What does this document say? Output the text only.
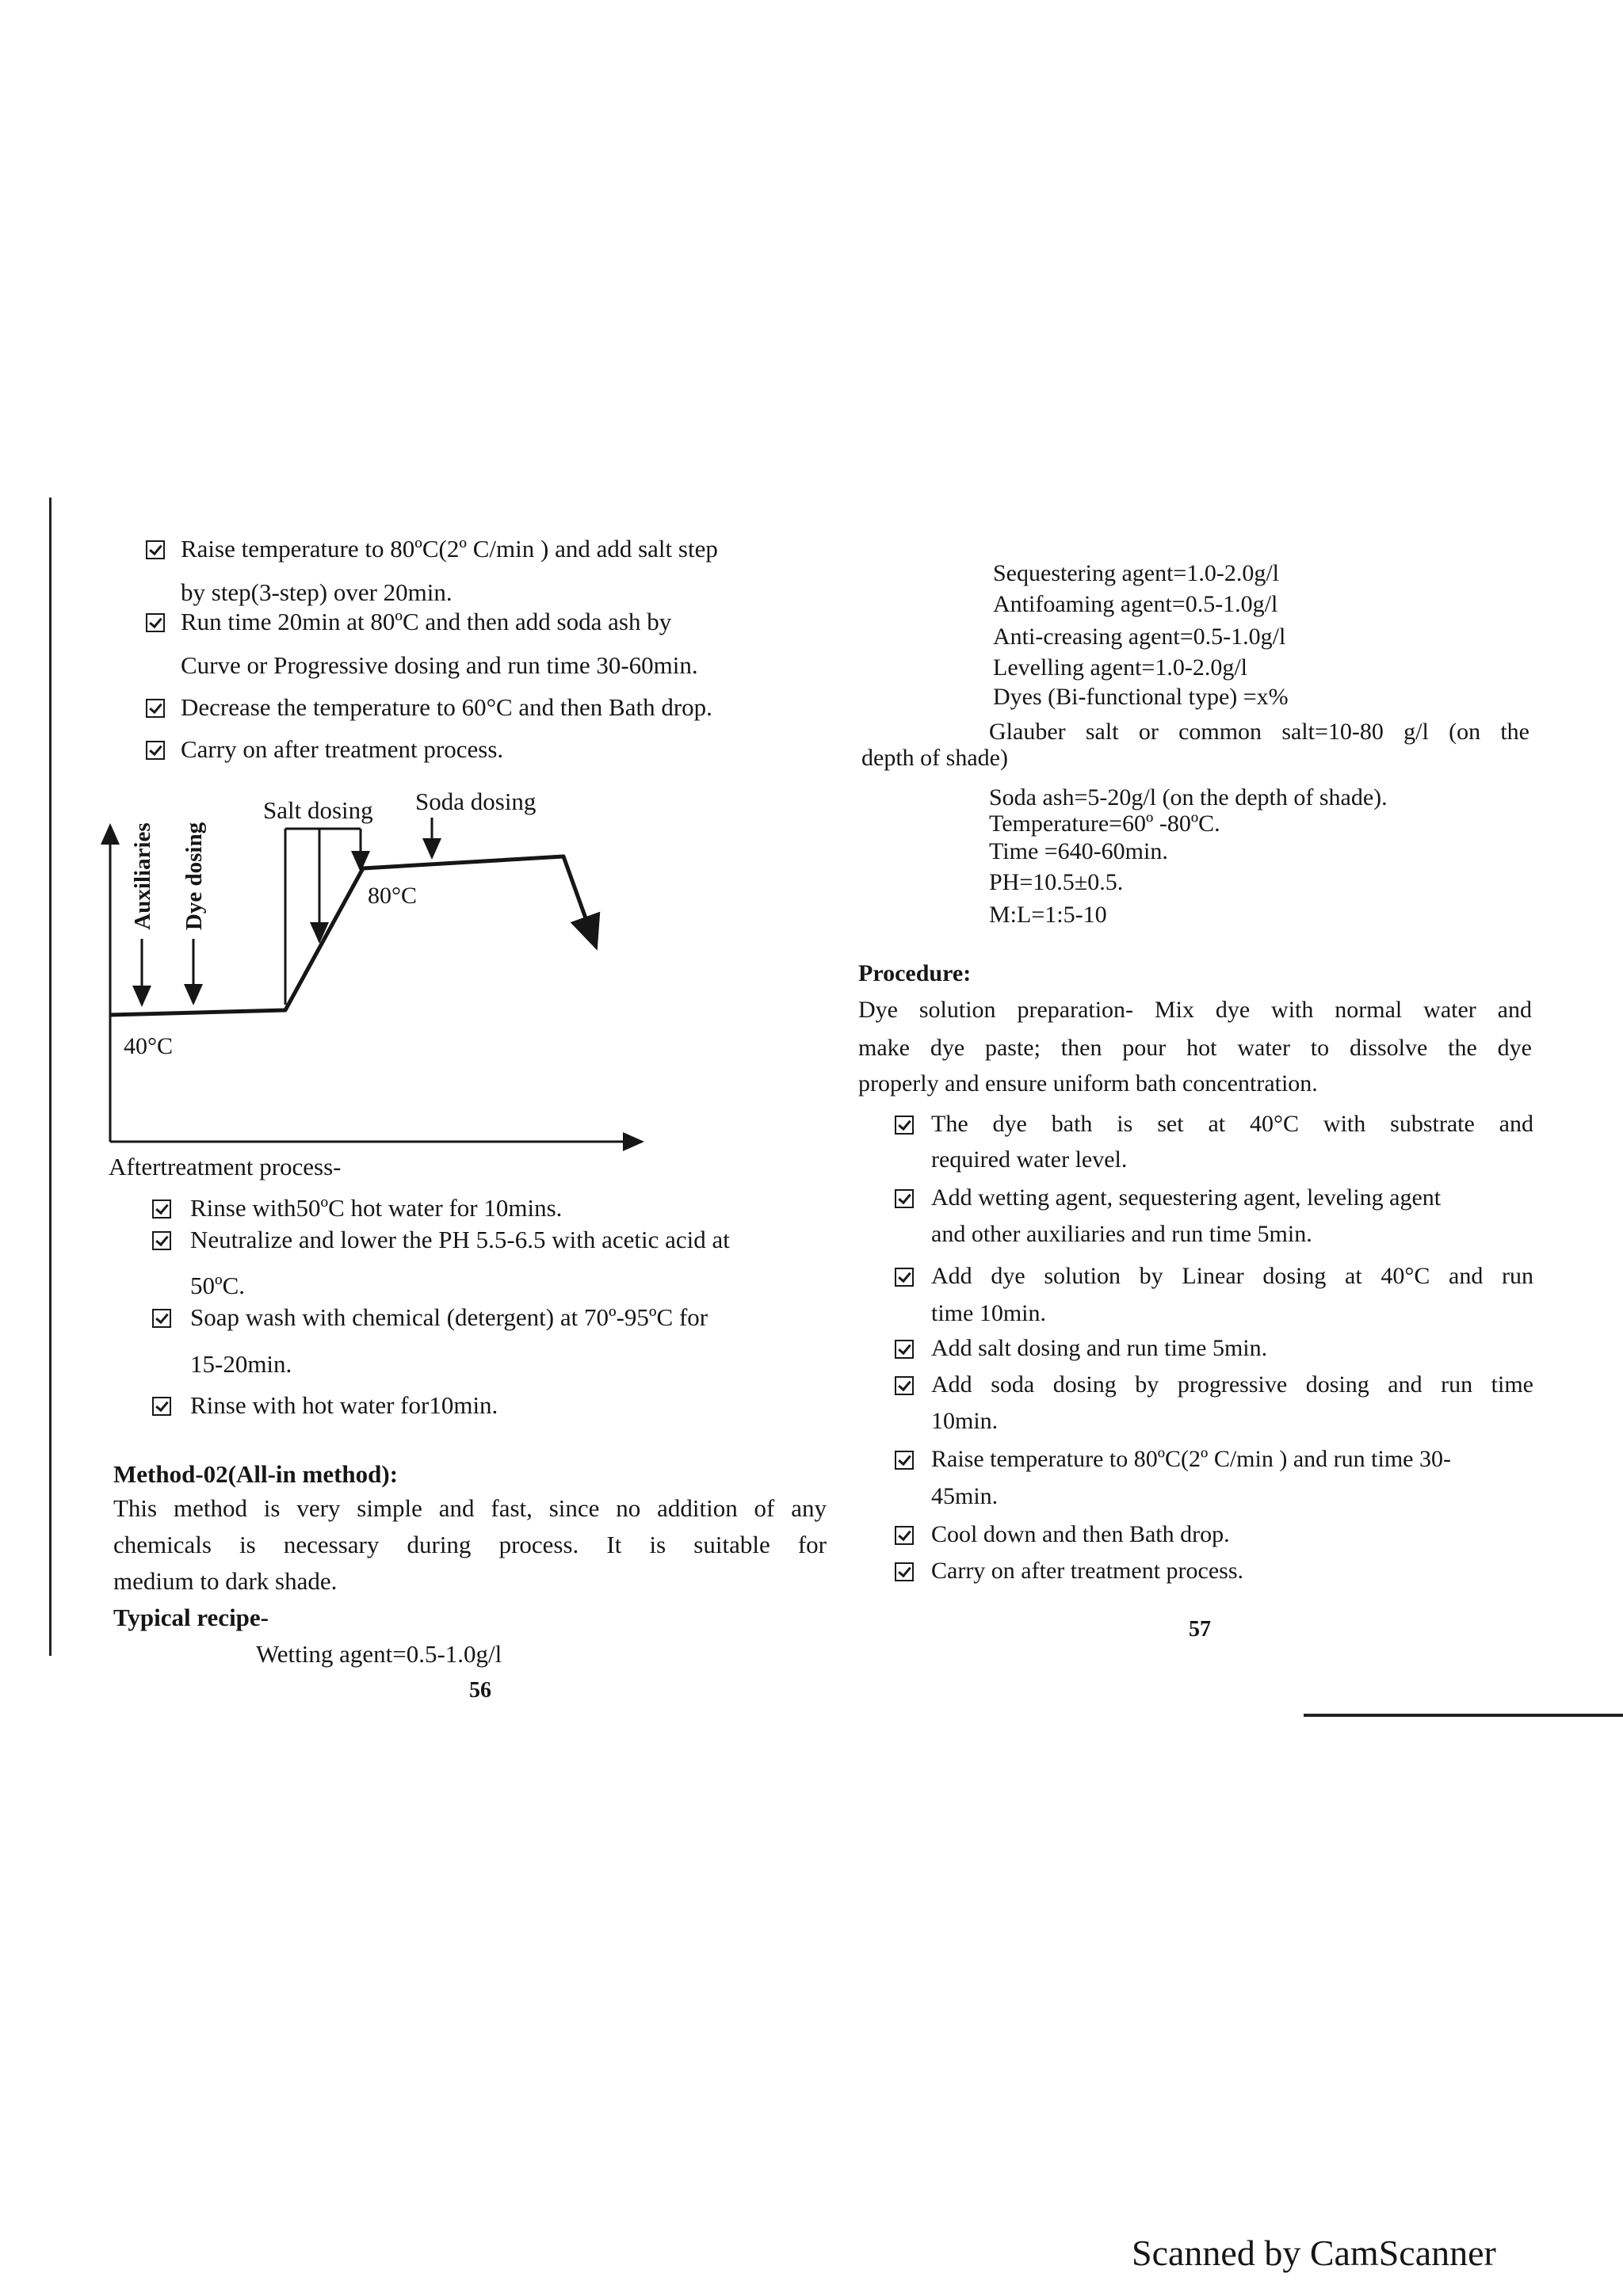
Raise temperature to 80ºC(2º C/min ) and add salt step
by step(3-step) over 20min.
Run time 20min at 80ºC and then add soda ash by
Curve or Progressive dosing and run time 30-60min.
Decrease the temperature to 60°C and then Bath drop.
Carry on after treatment process.
Salt dosing Soda dosing
80°C
40°C
Auxiliaries Dye dosing
Aftertreatment process-
Rinse with50ºC hot water for 10mins.
Neutralize and lower the PH 5.5-6.5 with acetic acid at
50ºC.
Soap wash with chemical (detergent) at 70º-95ºC for
15-20min.
Rinse with hot water for10min.
Method-02(All-in method):
This method is very simple and fast, since no addition of any
chemicals is necessary during process. It is suitable for
medium to dark shade.
Typical recipe-
Wetting agent=0.5-1.0g/l
56
Sequestering agent=1.0-2.0g/l
Antifoaming agent=0.5-1.0g/l
Anti-creasing agent=0.5-1.0g/l
Levelling agent=1.0-2.0g/l
Dyes (Bi-functional type) =x%
Glauber salt or common salt=10-80 g/l (on the
depth of shade)
Soda ash=5-20g/l (on the depth of shade).
Temperature=60º -80ºC.
Time =640-60min.
PH=10.5±0.5.
M:L=1:5-10
Procedure:
Dye solution preparation- Mix dye with normal water and
make dye paste; then pour hot water to dissolve the dye
properly and ensure uniform bath concentration.
The dye bath is set at 40°C with substrate and
required water level.
Add wetting agent, sequestering agent, leveling agent
and other auxiliaries and run time 5min.
Add dye solution by Linear dosing at 40°C and run
time 10min.
Add salt dosing and run time 5min.
Add soda dosing by progressive dosing and run time
10min.
Raise temperature to 80ºC(2º C/min ) and run time 30-
45min.
Cool down and then Bath drop.
Carry on after treatment process.
57
Scanned by CamScanner
